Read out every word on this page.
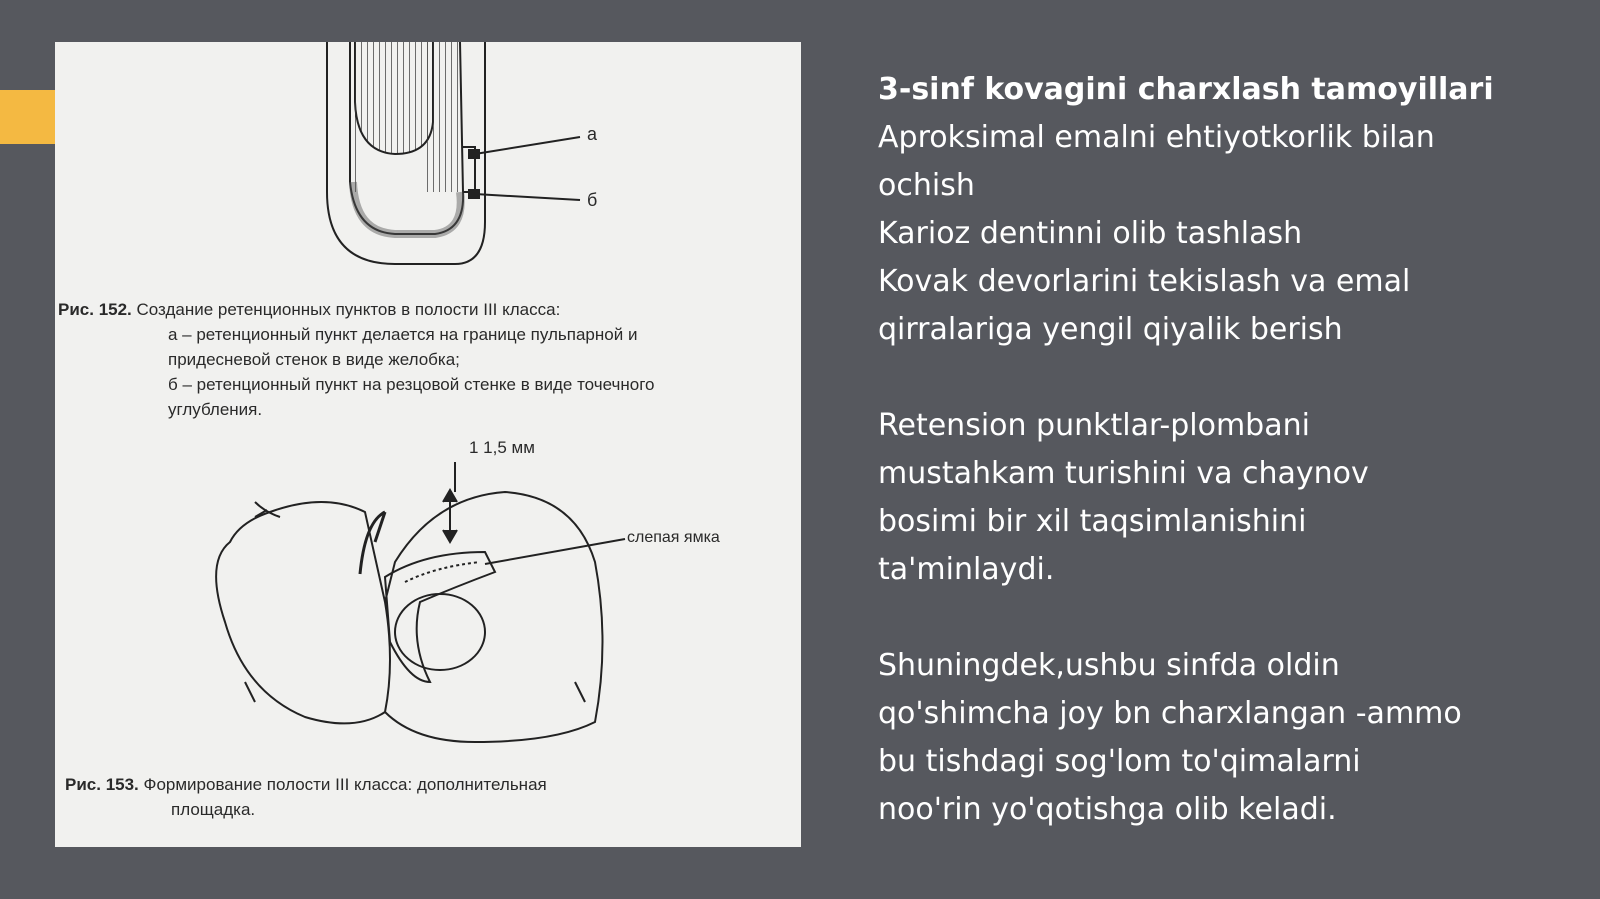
а
б
Рис. 152. Создание ретенционных пунктов в полости III класса:
а – ретенционный пункт делается на границе пульпарной и
придесневой стенок в виде желобка;
б – ретенционный пункт на резцовой стенке в виде точечного
углубления.
1 1,5 мм
слепая ямка
Рис. 153. Формирование полости III класса: дополнительная
площадка.

3-sinf kovagini charxlash tamoyillari

Aproksimal emalni ehtiyotkorlik bilan

ochish

Karioz dentinni olib tashlash

Kovak devorlarini tekislash va emal

qirralariga yengil qiyalik berish

Retension punktlar-plombani

mustahkam turishini va chaynov

bosimi bir xil taqsimlanishini

ta'minlaydi.

Shuningdek,ushbu sinfda oldin

qo'shimcha joy bn charxlangan -ammo

bu tishdagi sog'lom to'qimalarni

noo'rin yo'qotishga olib keladi.
